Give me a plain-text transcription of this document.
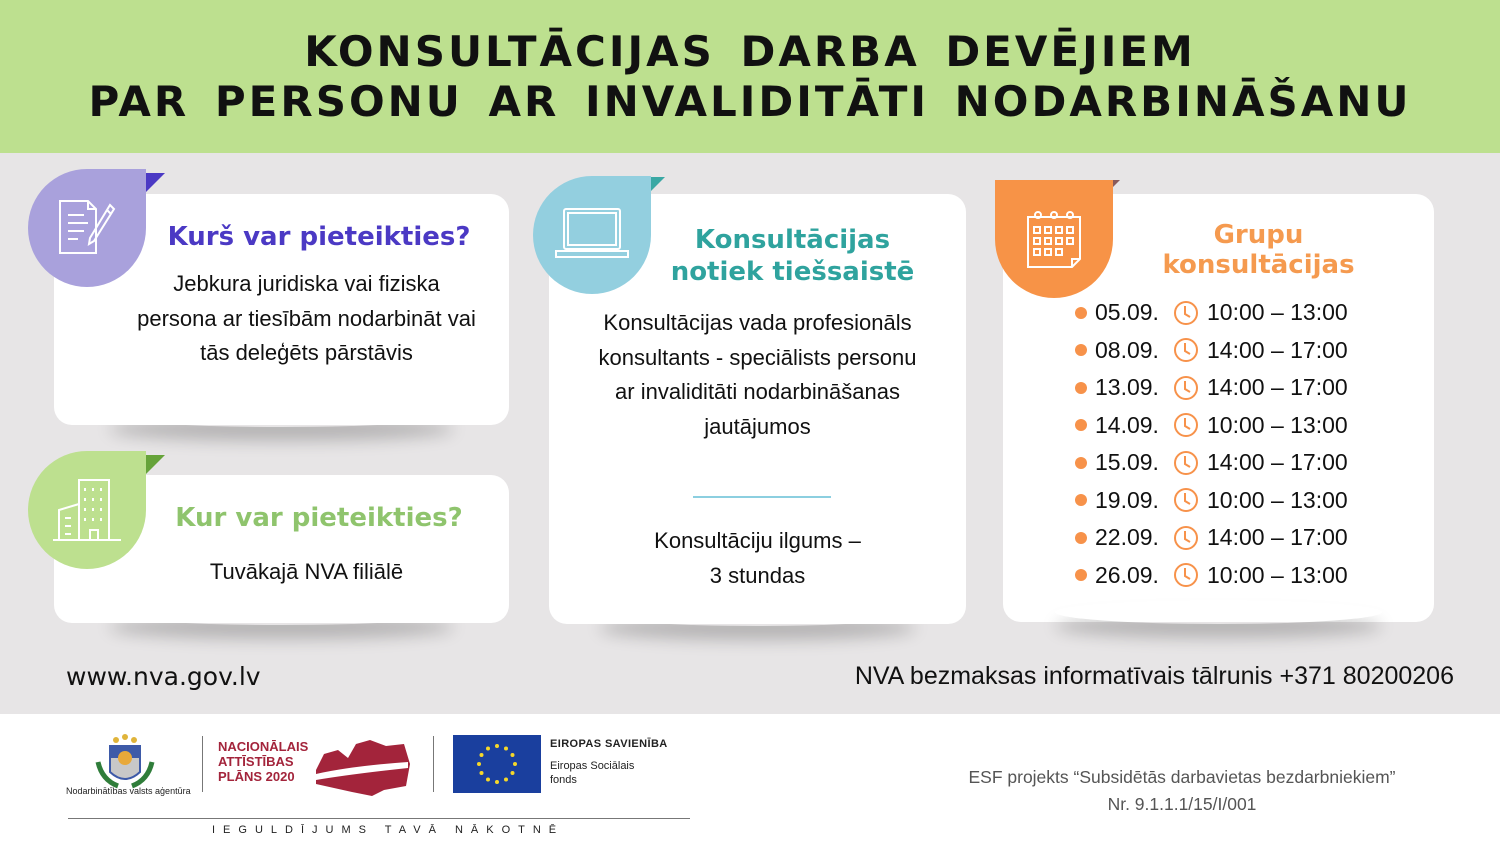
KONSULTĀCIJAS DARBA DEVĒJIEM
PAR PERSONU AR INVALIDITĀTI NODARBINĀŠANU
Kurš var pieteikties?
Jebkura juridiska vai fiziska persona ar tiesībām nodarbināt vai tās deleģēts pārstāvis
Kur var pieteikties?
Tuvākajā NVA filiālē
Konsultācijas
notiek tiešsaistē
Konsultācijas vada profesionāls konsultants - speciālists personu ar invaliditāti nodarbināšanas jautājumos
Konsultāciju ilgums –
3 stundas
Grupu
konsultācijas
05.09.	10:00 – 13:00
08.09.	14:00 – 17:00
13.09.	14:00 – 17:00
14.09.	10:00 – 13:00
15.09.	14:00 – 17:00
19.09.	10:00 – 13:00
22.09.	14:00 – 17:00
26.09.	10:00 – 13:00
www.nva.gov.lv	NVA bezmaksas informatīvais tālrunis +371 80200206
Nodarbinātības valsts aģentūra
NACIONĀLAIS
ATTĪSTĪBAS
PLĀNS 2020
EIROPAS SAVIENĪBA
Eiropas Sociālais
fonds
IEGULDĪJUMS TAVĀ NĀKOTNĒ
ESF projekts “Subsidētās darbavietas bezdarbniekiem”
Nr. 9.1.1.1/15/I/001
